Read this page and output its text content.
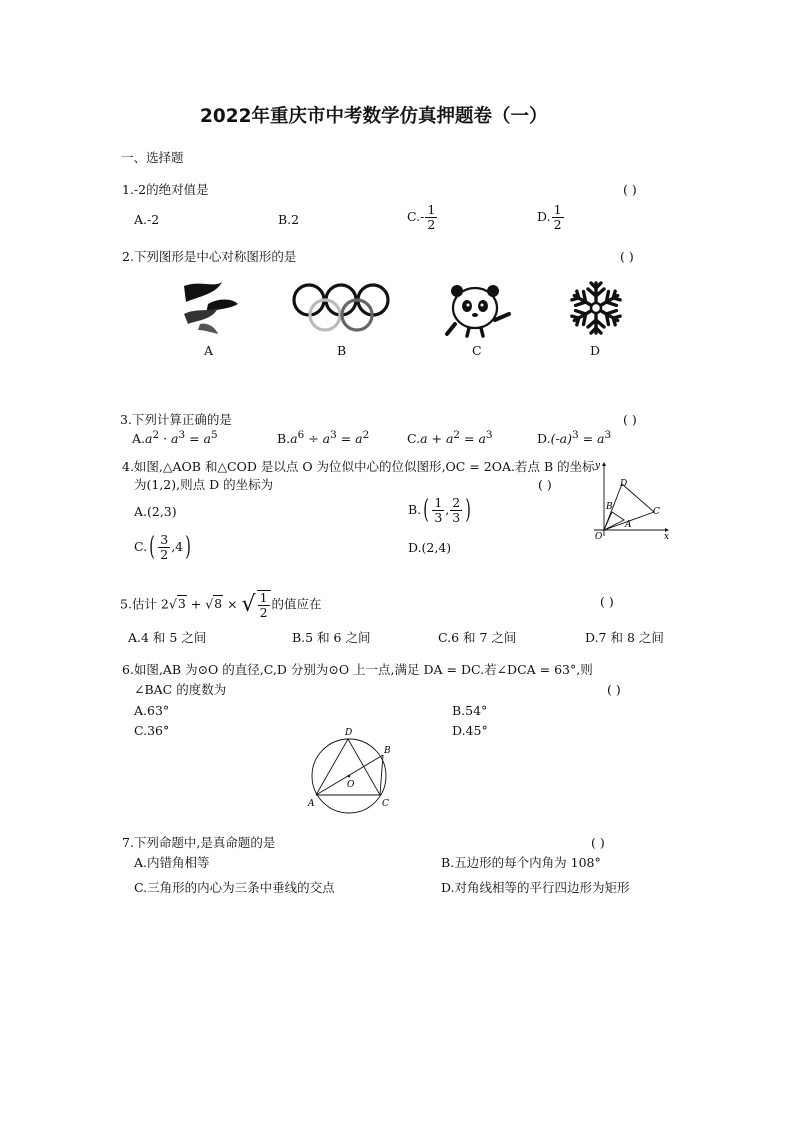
2022年重庆市中考数学仿真押题卷（一）
一、选择题
1.-2的绝对值是	( )
A.-2	B.2	$C.- \frac{1}{2}$	D. $\frac{1}{2}$
2.下列图形是中心对称图形的是	( )
A	B	C	D
3.下列计算正确的是	( )
$A.a^2 \cdot a^3 = a^5$	$B.a^6 \div a^3 = a^2$	$C.a + a^2 = a^3$	$D.(-a)^3 = a^3$
4.如图,△AOB 和△COD 是以点 O 为位似中心的位似图形,OC = 2OA.若点 B 的坐标
为(1,2),则点 D 的坐标为	( )
A.(2,3)	$B.( \frac{1}{3}$ , $\frac{2}{3}$ )
$C.( \frac{3}{2} ,4)$	D.(2,4)
y
x
O
A
B	C
D
5.估计 2√3 + √8 × √ $\frac{1}{2}$ 的值应在	( )
A.4 和 5 之间	B.5 和 6 之间	C.6 和 7 之间	D.7 和 8 之间
6.如图,AB 为⊙O 的直径,C,D 分别为⊙O 上一点,满足 DA = DC.若∠DCA = 63°,则
∠BAC 的度数为	( )
A.63°	B.54°
C.36°	D.45°
D
B
O
A	C
7.下列命题中,是真命题的是	( )
A.内错角相等	B.五边形的每个内角为 108°
C.三角形的内心为三条中垂线的交点	D.对角线相等的平行四边形为矩形
